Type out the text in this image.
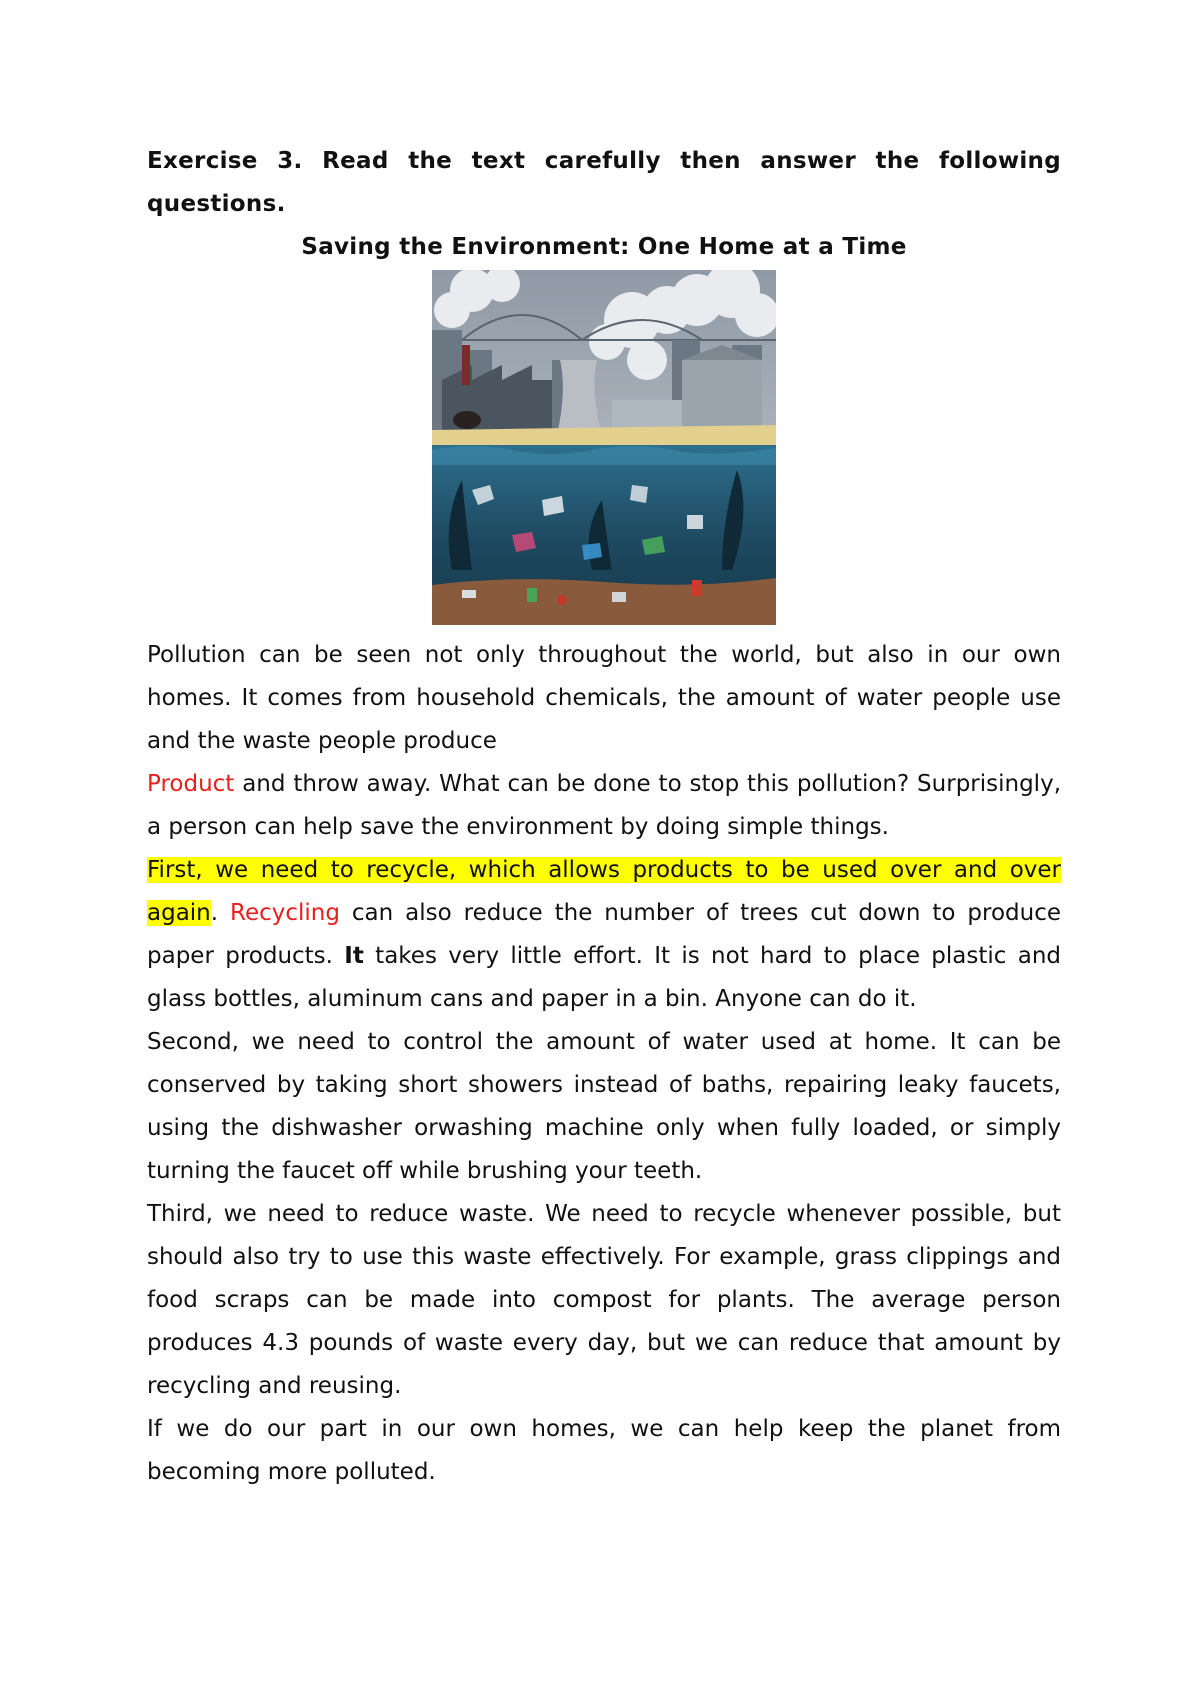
Exercise 3. Read the text carefully then answer the following questions.

Saving the Environment: One Home at a Time

Pollution can be seen not only throughout the world, but also in our own homes. It comes from household chemicals, the amount of water people use and the waste people produce

Product and throw away. What can be done to stop this pollution? Surprisingly, a person can help save the environment by doing simple things.

First, we need to recycle, which allows products to be used over and over again. Recycling can also reduce the number of trees cut down to produce paper products. It takes very little effort. It is not hard to place plastic and glass bottles, aluminum cans and paper in a bin. Anyone can do it.

Second, we need to control the amount of water used at home. It can be conserved by taking short showers instead of baths, repairing leaky faucets, using the dishwasher orwashing machine only when fully loaded, or simply turning the faucet off while brushing your teeth.

Third, we need to reduce waste. We need to recycle whenever possible, but should also try to use this waste effectively. For example, grass clippings and food scraps can be made into compost for plants. The average person produces 4.3 pounds of waste every day, but we can reduce that amount by recycling and reusing.

If we do our part in our own homes, we can help keep the planet from becoming more polluted.
